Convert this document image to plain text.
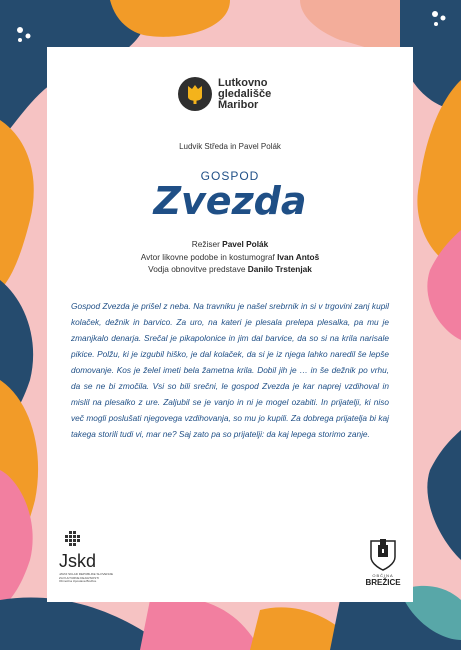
Lutkovno
gledališče
Maribor
Ludvik Středa in Pavel Polák
GOSPOD
Zvezda
Režiser Pavel Polák
Avtor likovne podobe in kostumograf Ivan Antoš
Vodja obnovitve predstave Danilo Trstenjak
Gospod Zvezda je prišel z neba. Na travniku je našel srebrnik in si v trgovini zanj kupil kolaček, dežnik in barvico. Za uro, na kateri je plesala prelepa plesalka, pa mu je zmanjkalo denarja. Srečal je pikapolonice in jim dal barvice, da so si na krila narisale pikice. Polžu, ki je izgubil hiško, je dal kolaček, da si je iz njega lahko naredil še lepše domovanje. Kos je želel imeti bela žametna krila. Dobil jih je … in še dežnik po vrhu, da se ne bi zmočila. Vsi so bili srečni, le gospod Zvezda je kar naprej vzdihoval in mislil na plesalko z ure. Zaljubil se je vanjo in ni je mogel ozabiti. In prijatelji, ki niso več mogli poslušati njegovega vzdihovanja, so mu jo kupili. Za dobrega prijatelja bi kaj takega storili tudi vi, mar ne? Saj zato pa so prijatelji: da kaj lepega storimo zanje.
Jskd
JAVNI SKLAD REPUBLIKE SLOVENIJE
ZA KULTURNE DEJAVNOSTI
Območna izpostava Brežice
OBČINA
BREŽICE
